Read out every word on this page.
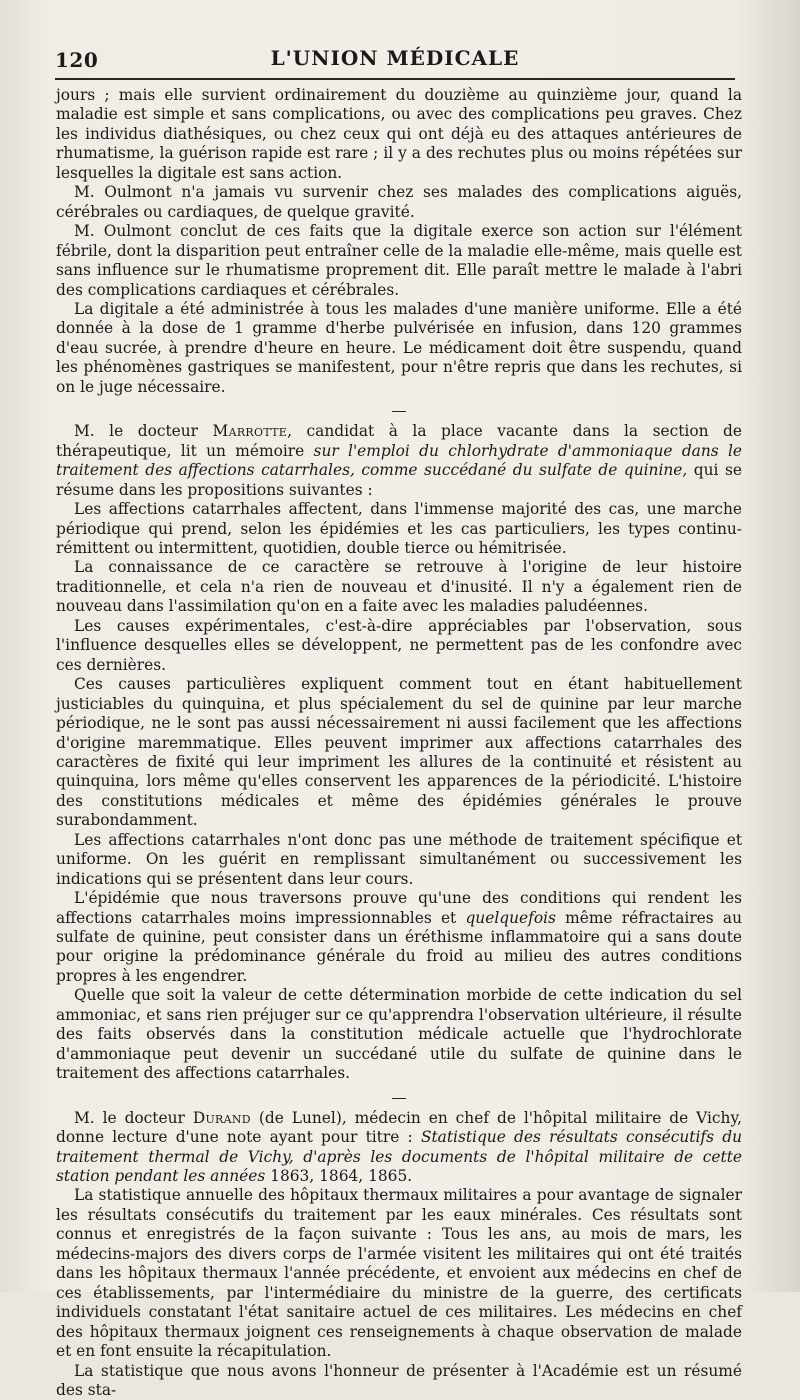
120	L'UNION MÉDICALE

jours ; mais elle survient ordinairement du douzième au quinzième jour, quand la maladie est simple et sans complications, ou avec des complications peu graves. Chez les individus diathésiques, ou chez ceux qui ont déjà eu des attaques antérieures de rhumatisme, la guérison rapide est rare ; il y a des rechutes plus ou moins répétées sur lesquelles la digitale est sans action.

M. Oulmont n'a jamais vu survenir chez ses malades des complications aiguës, cérébrales ou cardiaques, de quelque gravité.

M. Oulmont conclut de ces faits que la digitale exerce son action sur l'élément fébrile, dont la disparition peut entraîner celle de la maladie elle-même, mais quelle est sans influence sur le rhumatisme proprement dit. Elle paraît mettre le malade à l'abri des complications cardiaques et cérébrales.

La digitale a été administrée à tous les malades d'une manière uniforme. Elle a été donnée à la dose de 1 gramme d'herbe pulvérisée en infusion, dans 120 grammes d'eau sucrée, à prendre d'heure en heure. Le médicament doit être suspendu, quand les phénomènes gastriques se manifestent, pour n'être repris que dans les rechutes, si on le juge nécessaire.

M. le docteur Marrotte, candidat à la place vacante dans la section de thérapeutique, lit un mémoire sur l'emploi du chlorhydrate d'ammoniaque dans le traitement des affections catarrhales, comme succédané du sulfate de quinine, qui se résume dans les propositions suivantes :

Les affections catarrhales affectent, dans l'immense majorité des cas, une marche périodique qui prend, selon les épidémies et les cas particuliers, les types continu-rémittent ou intermittent, quotidien, double tierce ou hémitriséе.

La connaissance de ce caractère se retrouve à l'origine de leur histoire traditionnelle, et cela n'a rien de nouveau et d'inusité. Il n'y a également rien de nouveau dans l'assimilation qu'on en a faite avec les maladies paludéennes.

Les causes expérimentales, c'est-à-dire appréciables par l'observation, sous l'influence desquelles elles se développent, ne permettent pas de les confondre avec ces dernières.

Ces causes particulières expliquent comment tout en étant habituellement justiciables du quinquina, et plus spécialement du sel de quinine par leur marche périodique, ne le sont pas aussi nécessairement ni aussi facilement que les affections d'origine maremmatique. Elles peuvent imprimer aux affections catarrhales des caractères de fixité qui leur impriment les allures de la continuité et résistent au quinquina, lors même qu'elles conservent les apparences de la périodicité. L'histoire des constitutions médicales et même des épidémies générales le prouve surabondamment.

Les affections catarrhales n'ont donc pas une méthode de traitement spécifique et uniforme. On les guérit en remplissant simultanément ou successivement les indications qui se présentent dans leur cours.

L'épidémie que nous traversons prouve qu'une des conditions qui rendent les affections catarrhales moins impressionnables et quelquefois même réfractaires au sulfate de quinine, peut consister dans un éréthisme inflammatoire qui a sans doute pour origine la prédominance générale du froid au milieu des autres conditions propres à les engendrer.

Quelle que soit la valeur de cette détermination morbide de cette indication du sel ammoniac, et sans rien préjuger sur ce qu'apprendra l'observation ultérieure, il résulte des faits observés dans la constitution médicale actuelle que l'hydrochlorate d'ammoniaque peut devenir un succédané utile du sulfate de quinine dans le traitement des affections catarrhales.

M. le docteur Durand (de Lunel), médecin en chef de l'hôpital militaire de Vichy, donne lecture d'une note ayant pour titre : Statistique des résultats consécutifs du traitement thermal de Vichy, d'après les documents de l'hôpital militaire de cette station pendant les années 1863, 1864, 1865.

La statistique annuelle des hôpitaux thermaux militaires a pour avantage de signaler les résultats consécutifs du traitement par les eaux minérales. Ces résultats sont connus et enregistrés de la façon suivante : Tous les ans, au mois de mars, les médecins-majors des divers corps de l'armée visitent les militaires qui ont été traités dans les hôpitaux thermaux l'année précédente, et envoient aux médecins en chef de ces établissements, par l'intermédiaire du ministre de la guerre, des certificats individuels constatant l'état sanitaire actuel de ces militaires. Les médecins en chef des hôpitaux thermaux joignent ces renseignements à chaque observation de malade et en font ensuite la récapitulation.

La statistique que nous avons l'honneur de présenter à l'Académie est un résumé des sta-
